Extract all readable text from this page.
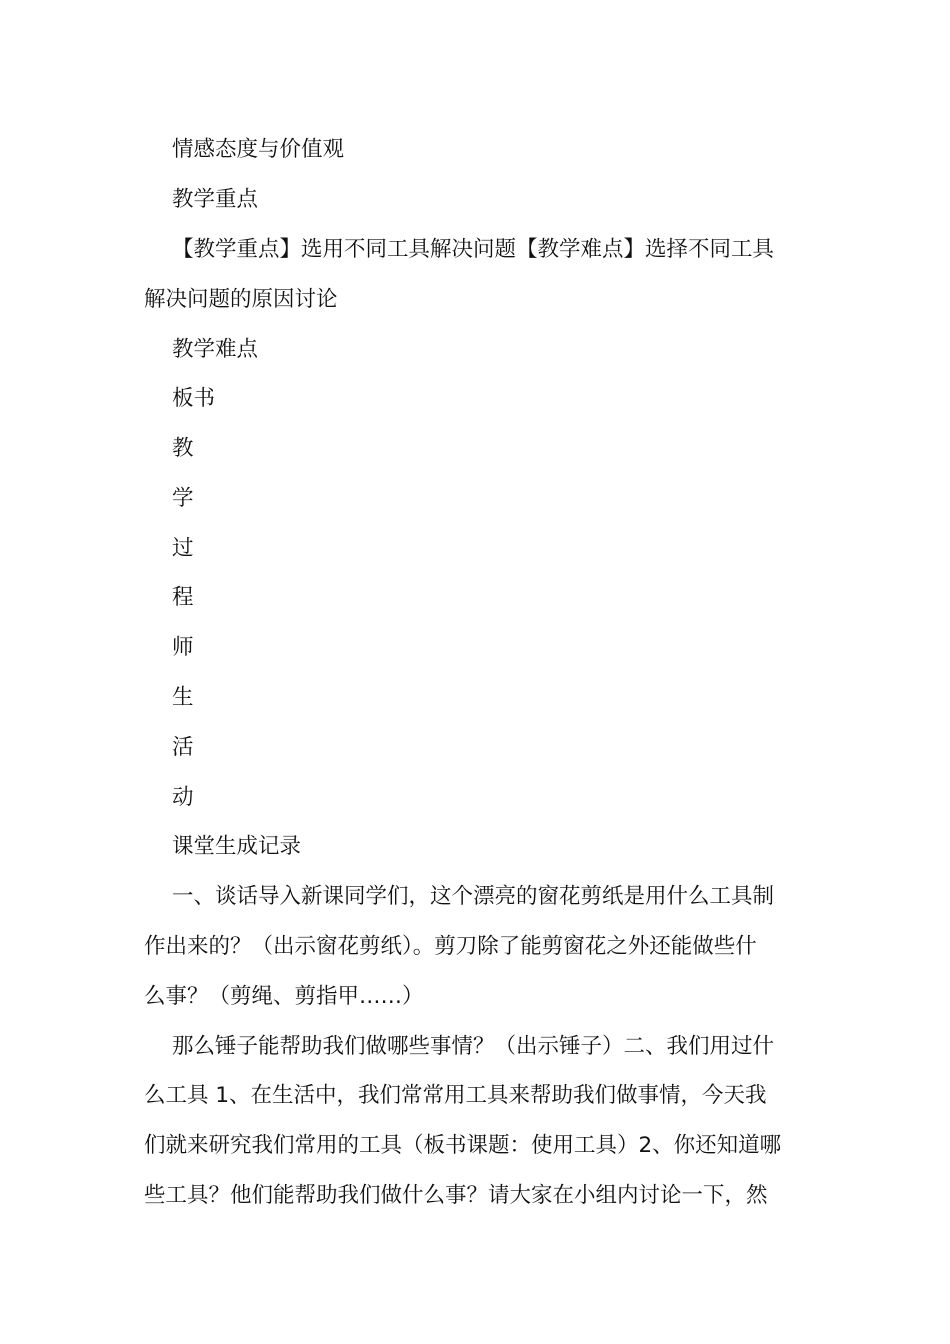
情感态度与价值观
教学重点
【教学重点】选用不同工具解决问题【教学难点】选择不同工具
解决问题的原因讨论
教学难点
板书
教
学
过
程
师
生
活
动
课堂生成记录
一、谈话导入新课同学们，这个漂亮的窗花剪纸是用什么工具制
作出来的？（出示窗花剪纸）。剪刀除了能剪窗花之外还能做些什
么事？（剪绳、剪指甲……）
那么锤子能帮助我们做哪些事情？（出示锤子）二、我们用过什
么工具 1、在生活中，我们常常用工具来帮助我们做事情，今天我
们就来研究我们常用的工具（板书课题：使用工具）2、你还知道哪
些工具？他们能帮助我们做什么事？请大家在小组内讨论一下，然
